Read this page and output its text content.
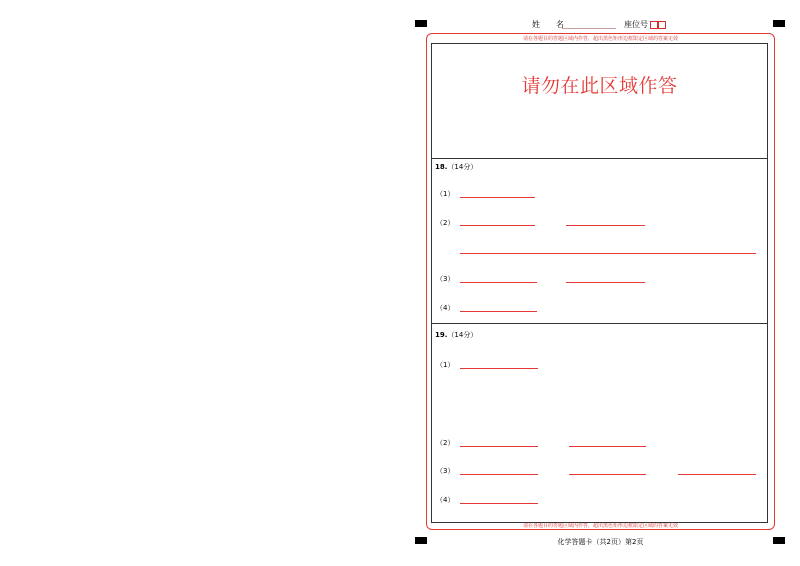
姓　　名	座位号
请在各题目的答题区域内作答，超出黑色矩形边框限定区域的答案无效
请在各题目的答题区域内作答，超出黑色矩形边框限定区域的答案无效
请勿在此区域作答
18.（14分）
（1）
（2）
（3）
（4）
19.（14分）
（1）
（2）
（3）
（4）
化学答题卡（共2页）第2页
